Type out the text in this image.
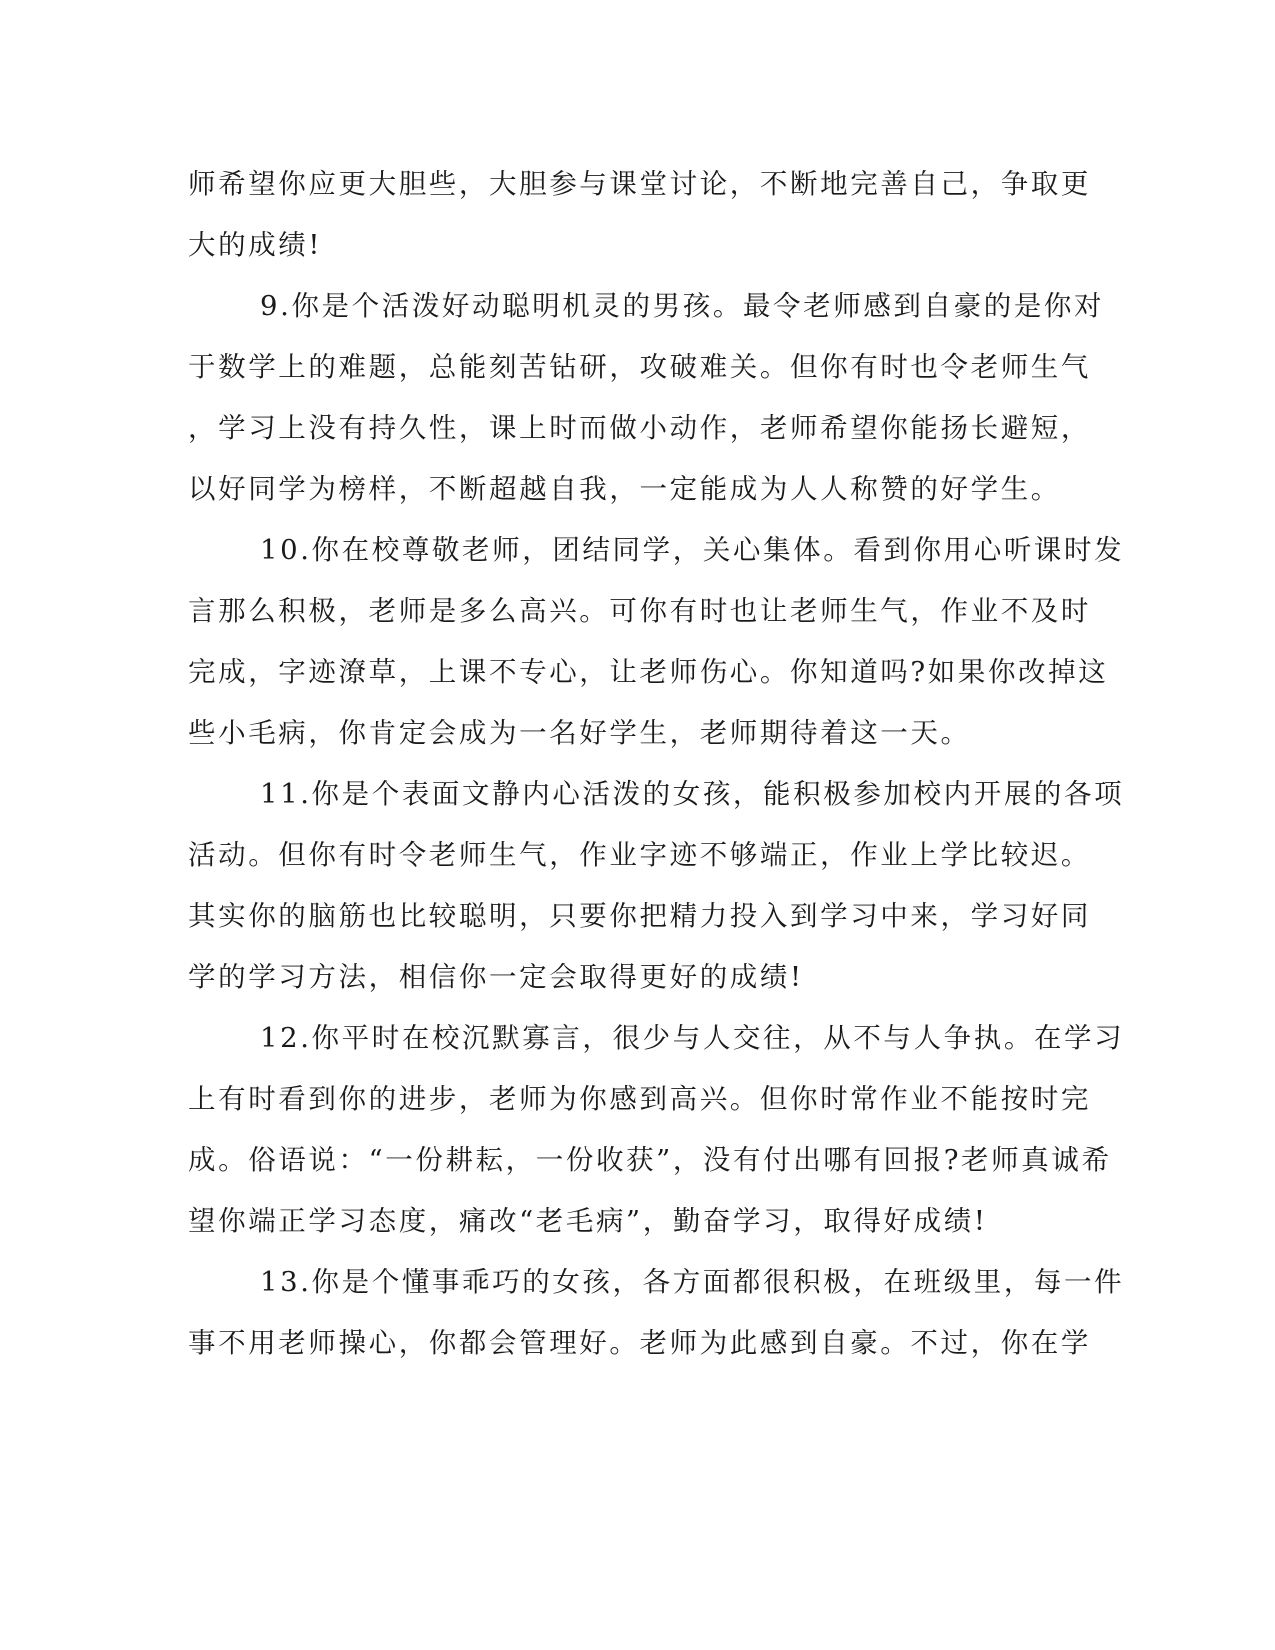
师希望你应更大胆些，大胆参与课堂讨论，不断地完善自己，争取更
大的成绩!
9.你是个活泼好动聪明机灵的男孩。最令老师感到自豪的是你对
于数学上的难题，总能刻苦钻研，攻破难关。但你有时也令老师生气
，学习上没有持久性，课上时而做小动作，老师希望你能扬长避短，
以好同学为榜样，不断超越自我，一定能成为人人称赞的好学生。
10.你在校尊敬老师，团结同学，关心集体。看到你用心听课时发
言那么积极，老师是多么高兴。可你有时也让老师生气，作业不及时
完成，字迹潦草，上课不专心，让老师伤心。你知道吗?如果你改掉这
些小毛病，你肯定会成为一名好学生，老师期待着这一天。
11.你是个表面文静内心活泼的女孩，能积极参加校内开展的各项
活动。但你有时令老师生气，作业字迹不够端正，作业上学比较迟。
其实你的脑筋也比较聪明，只要你把精力投入到学习中来，学习好同
学的学习方法，相信你一定会取得更好的成绩!
12.你平时在校沉默寡言，很少与人交往，从不与人争执。在学习
上有时看到你的进步，老师为你感到高兴。但你时常作业不能按时完
成。俗语说：“一份耕耘，一份收获”，没有付出哪有回报?老师真诚希
望你端正学习态度，痛改“老毛病”，勤奋学习，取得好成绩!
13.你是个懂事乖巧的女孩，各方面都很积极，在班级里，每一件
事不用老师操心，你都会管理好。老师为此感到自豪。不过，你在学
